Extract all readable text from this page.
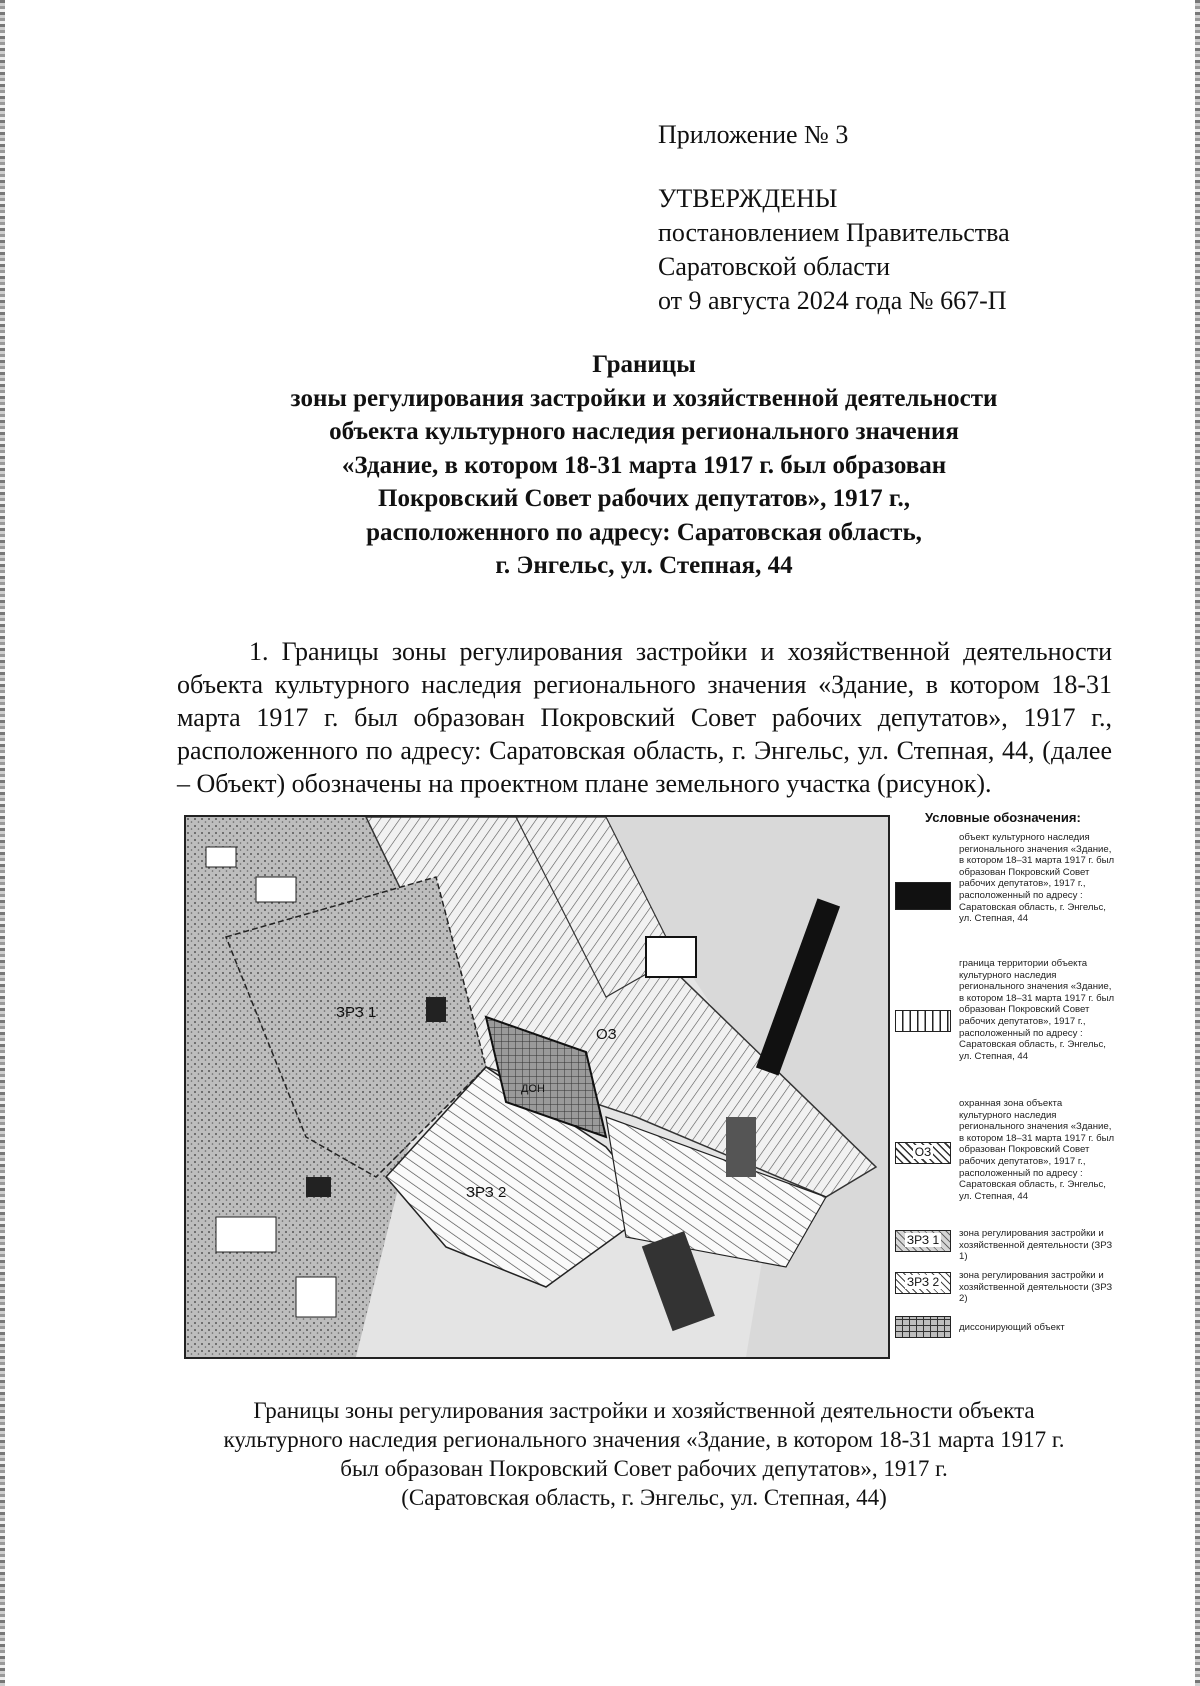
Приложение № 3
УТВЕРЖДЕНЫ
постановлением Правительства
Саратовской области
от 9 августа 2024 года № 667-П
Границы
зоны регулирования застройки и хозяйственной деятельности
объекта культурного наследия регионального значения
«Здание, в котором 18-31 марта 1917 г. был образован
Покровский Совет рабочих депутатов», 1917 г.,
расположенного по адресу: Саратовская область,
г. Энгельс, ул. Степная, 44

1. Границы зоны регулирования застройки и хозяйственной деятельности объекта культурного наследия регионального значения «Здание, в котором 18-31 марта 1917 г. был образован Покровский Совет рабочих депутатов», 1917 г., расположенного по адресу: Саратовская область, г. Энгельс, ул. Степная, 44, (далее – Объект) обозначены на проектном плане земельного участка (рисунок).

ЗРЗ 1
ЗРЗ 2
ОЗ
ДОН
Условные обозначения:
объект культурного наследия регионального значения «Здание, в котором 18–31 марта 1917 г. был образован Покровский Совет рабочих депутатов», 1917 г., расположенный по адресу : Саратовская область, г. Энгельс, ул. Степная, 44
граница территории объекта культурного наследия регионального значения «Здание, в котором 18–31 марта 1917 г. был образован Покровский Совет рабочих депутатов», 1917 г., расположенный по адресу : Саратовская область, г. Энгельс, ул. Степная, 44
ОЗ
охранная зона объекта культурного наследия регионального значения «Здание, в котором 18–31 марта 1917 г. был образован Покровский Совет рабочих депутатов», 1917 г., расположенный по адресу : Саратовская область, г. Энгельс, ул. Степная, 44
ЗРЗ 1	зона регулирования застройки и хозяйственной деятельности (ЗРЗ 1)
ЗРЗ 2	зона регулирования застройки и хозяйственной деятельности (ЗРЗ 2)
диссонирующий объект
Границы зоны регулирования застройки и хозяйственной деятельности объекта
культурного наследия регионального значения «Здание, в котором 18-31 марта 1917 г.
был образован Покровский Совет рабочих депутатов», 1917 г.
(Саратовская область, г. Энгельс, ул. Степная, 44)
